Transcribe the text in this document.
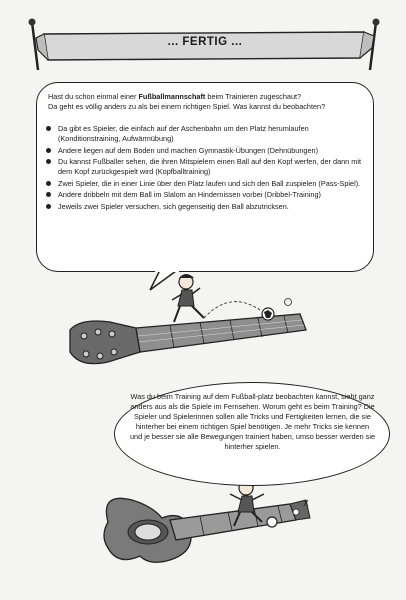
... FERTIG ...
Hast du schon einmal einer Fußballmannschaft beim Trainieren zugeschaut?
Da geht es völlig anders zu als bei einem richtigen Spiel. Was kannst du beobachten?
Da gibt es Spieler, die einfach auf der Aschenbahn um den Platz herumlaufen (Konditionstraining, Aufwärmübung)
Andere liegen auf dem Boden und machen Gymnastik-Übungen (Dehnübungen)
Du kannst Fußballer sehen, die ihren Mitspielern einen Ball auf den Kopf werfen, der dann mit dem Kopf zurückgespielt wird (Kopfballtraining)
Zwei Spieler, die in einer Linie über den Platz laufen und sich den Ball zuspielen (Pass-Spiel).
Andere dribbeln mit dem Ball im Slalom an Hindernissen vorbei (Dribbel-Training)
Jeweils zwei Spieler versuchen, sich gegenseitig den Ball abzutricksen.
Was du beim Training auf dem Fußball-platz beobachten kannst, sieht ganz anders aus als die Spiele im Fernsehen. Worum geht es beim Training? Die Spieler und Spielerinnen sollen alle Tricks und Fertigkeiten lernen, die sie hinterher bei einem richtigen Spiel benötigen. Je mehr Tricks sie kennen und je besser sie alle Bewegungen trainiert haben, umso besser werden sie hinterher spielen.
